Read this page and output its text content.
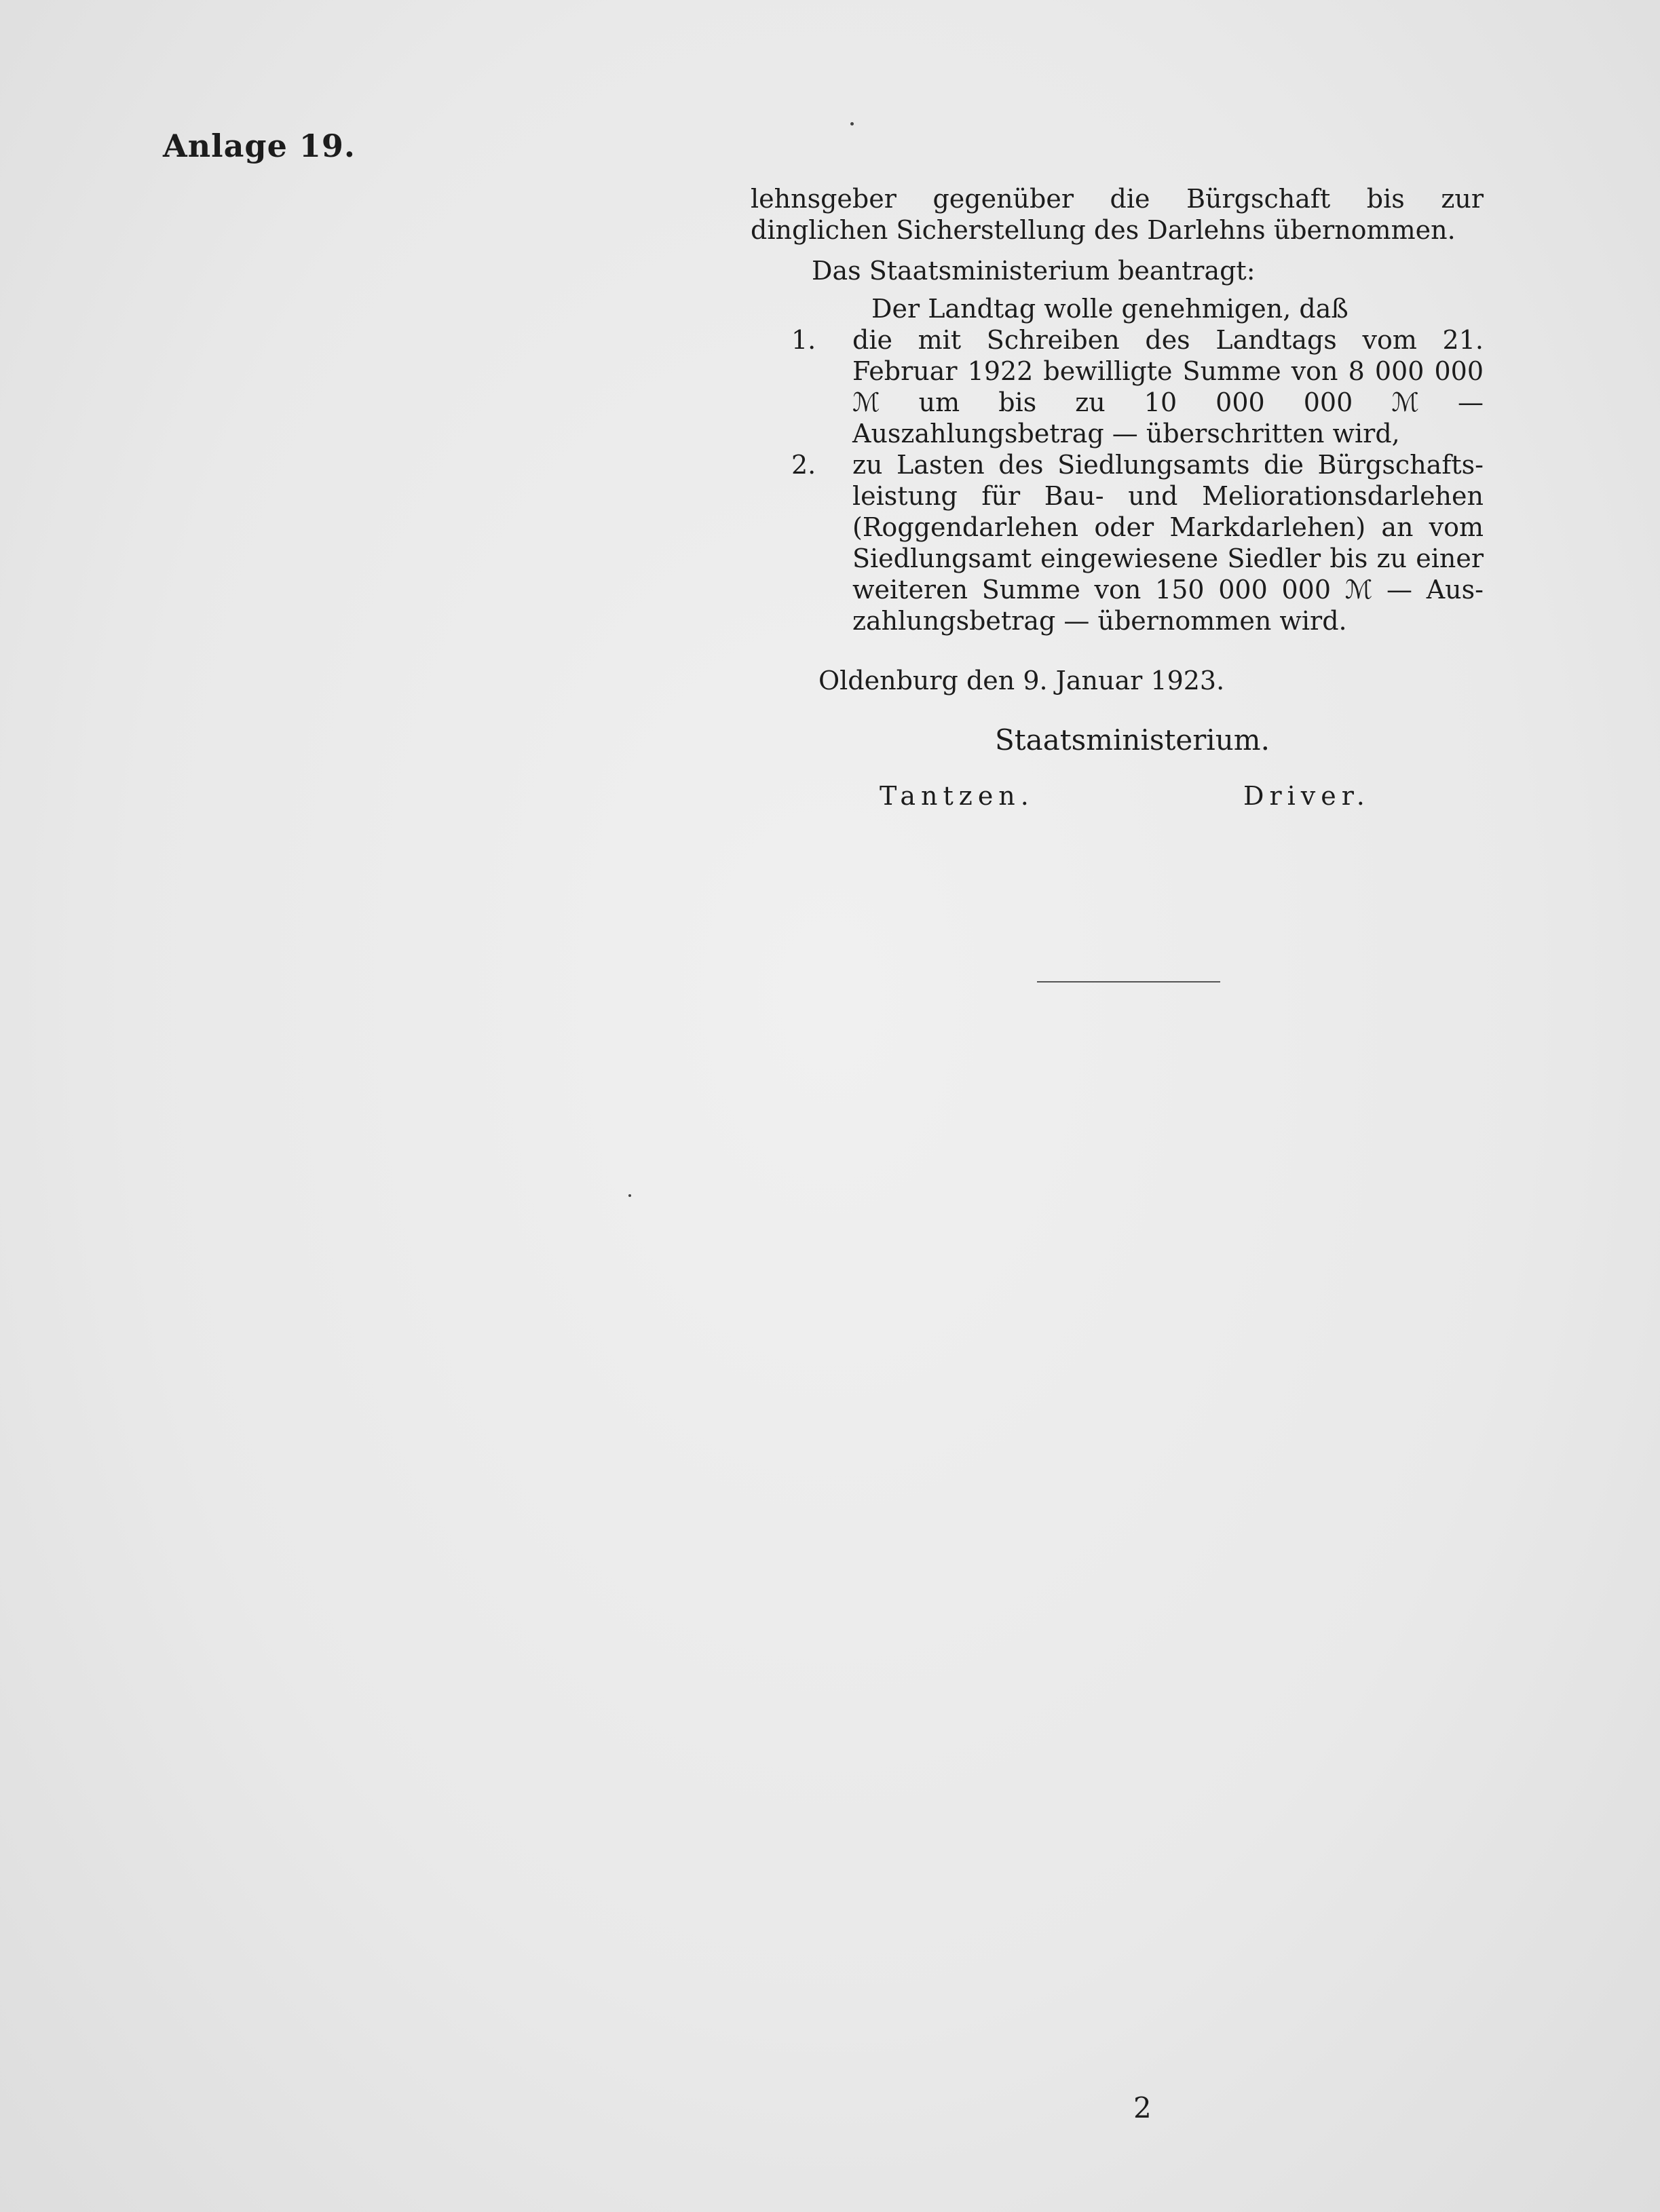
Anlage 19.

lehnsgeber gegenüber die Bürgschaft bis zur dinglichen Sicherstellung des Darlehns übernommen.

Das Staatsministerium beantragt:

Der Landtag wolle genehmigen, daß

1.	die mit Schreiben des Landtags vom 21. Februar 1922 bewilligte Summe von 8 000 000 ℳ um bis zu 10 000 000 ℳ — Auszahlungsbetrag — überschritten wird,
2.	zu Lasten des Siedlungsamts die Bürgschafts-leistung für Bau- und Meliorationsdarlehen (Roggendarlehen oder Markdarlehen) an vom Siedlungsamt eingewiesene Siedler bis zu einer weiteren Summe von 150 000 000 ℳ — Aus-zahlungsbetrag — übernommen wird.

Oldenburg den 9. Januar 1923.

Staatsministerium.

Tantzen.	Driver.
2
